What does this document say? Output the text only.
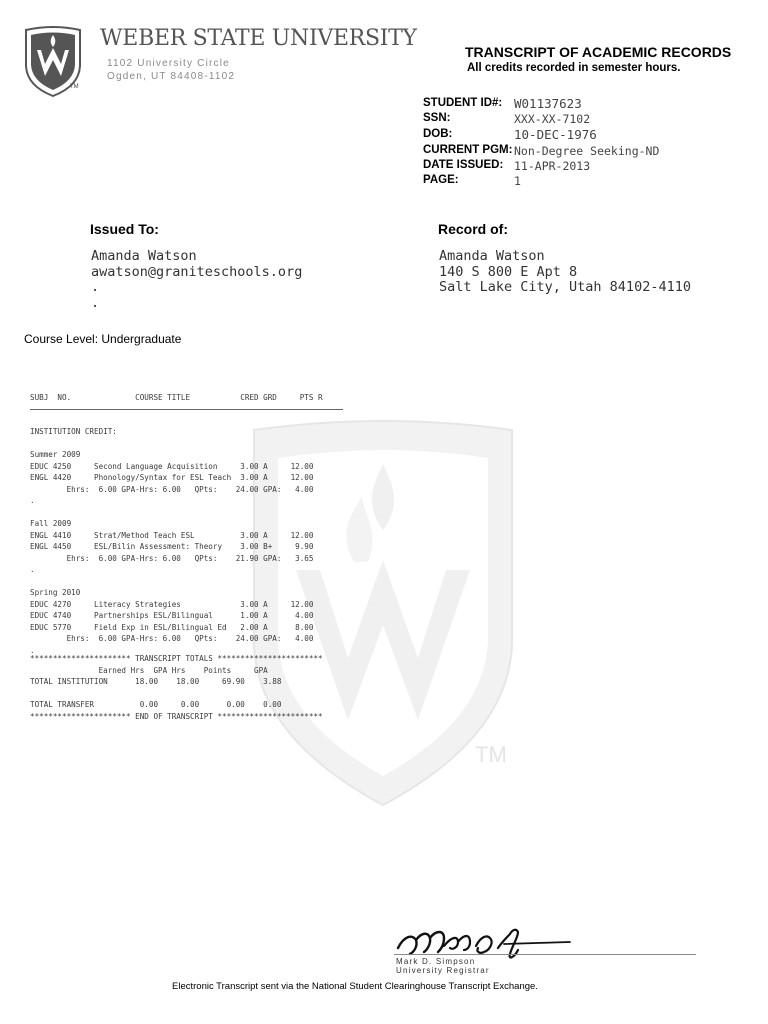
TM
TM
WEBER STATE UNIVERSITY
1102 University Circle
Ogden, UT 84408-1102
TRANSCRIPT OF ACADEMIC RECORDS
All credits recorded in semester hours.
STUDENT ID#: W01137623
SSN:	XXX-XX-7102
DOB:	10-DEC-1976
CURRENT PGM: Non-Degree Seeking-ND
DATE ISSUED: 11-APR-2013
PAGE:	1
Issued To:
Amanda Watson
awatson@graniteschools.org
.
.
Record of:
Amanda Watson
140 S 800 E Apt 8
Salt Lake City, Utah 84102-4110
Course Level: Undergraduate
SUBJ  NO.              COURSE TITLE           CRED GRD     PTS R
INSTITUTION CREDIT:
Summer 2009
EDUC 4250     Second Language Acquisition     3.00 A     12.00
ENGL 4420     Phonology/Syntax for ESL Teach  3.00 A     12.00
Ehrs:  6.00 GPA-Hrs: 6.00   QPts:    24.00 GPA:   4.00
.
Fall 2009
ENGL 4410     Strat/Method Teach ESL          3.00 A     12.00
ENGL 4450     ESL/Bilin Assessment: Theory    3.00 B+     9.90
Ehrs:  6.00 GPA-Hrs: 6.00   QPts:    21.90 GPA:   3.65
.
Spring 2010
EDUC 4270     Literacy Strategies             3.00 A     12.00
EDUC 4740     Partnerships ESL/Bilingual      1.00 A      4.00
EDUC 5770     Field Exp in ESL/Bilingual Ed   2.00 A      8.00
Ehrs:  6.00 GPA-Hrs: 6.00   QPts:    24.00 GPA:   4.00
.
********************** TRANSCRIPT TOTALS ***********************
Earned Hrs  GPA Hrs    Points     GPA
TOTAL INSTITUTION      18.00    18.00     69.90    3.88
TOTAL TRANSFER          0.00     0.00      0.00    0.00
********************** END OF TRANSCRIPT ***********************
Mark D. Simpson
University Registrar
Electronic Transcript sent via the National Student Clearinghouse Transcript Exchange.
